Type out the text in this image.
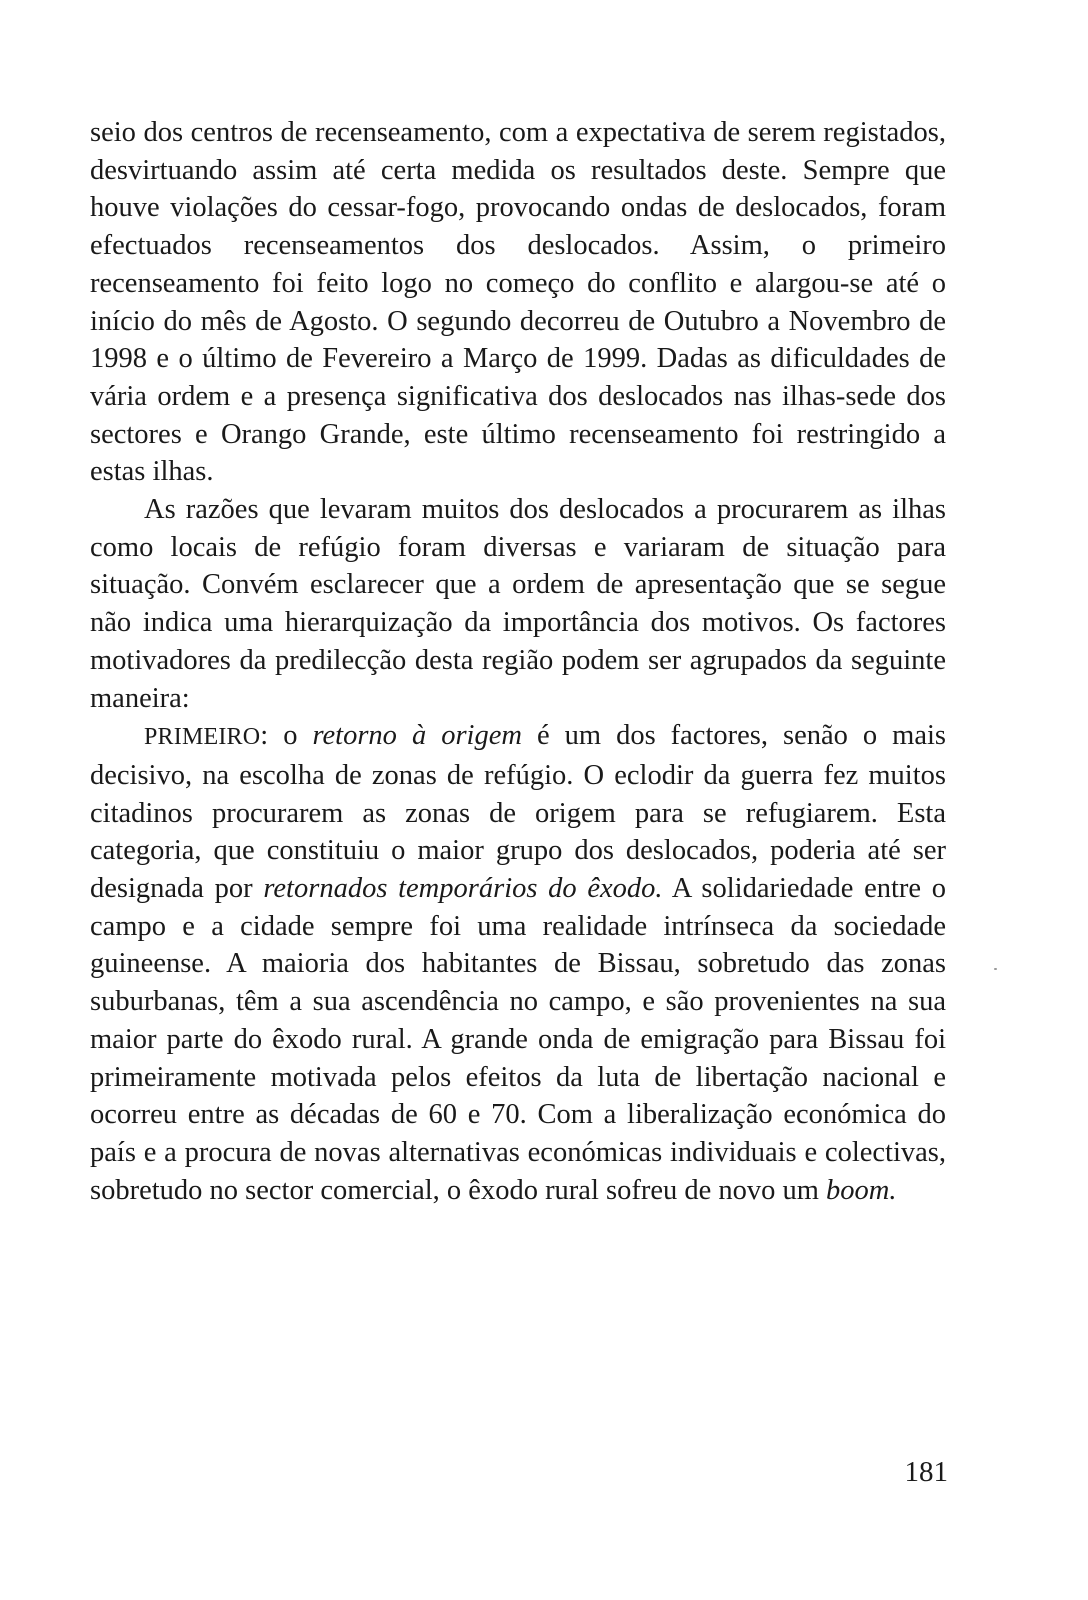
seio dos centros de recenseamento, com a expectativa de serem registados, desvirtuando assim até certa medida os resultados deste. Sempre que houve violações do cessar-fogo, provocando ondas de deslocados, foram efectuados recenseamentos dos deslocados. Assim, o primeiro recenseamento foi feito logo no começo do conflito e alargou-se até o início do mês de Agosto. O segundo decorreu de Outubro a Novembro de 1998 e o último de Fevereiro a Março de 1999. Dadas as dificuldades de vária ordem e a presença significativa dos deslocados nas ilhas-sede dos sectores e Orango Grande, este último recenseamento foi restringido a estas ilhas.

As razões que levaram muitos dos deslocados a procurarem as ilhas como locais de refúgio foram diversas e variaram de situação para situação. Convém esclarecer que a ordem de apresentação que se segue não indica uma hierarquização da importância dos motivos. Os factores motivadores da predilecção desta região podem ser agrupados da seguinte maneira:

PRIMEIRO: o retorno à origem é um dos factores, senão o mais decisivo, na escolha de zonas de refúgio. O eclodir da guerra fez muitos citadinos procurarem as zonas de origem para se refugiarem. Esta categoria, que constituiu o maior grupo dos deslocados, poderia até ser designada por retornados temporários do êxodo. A solidariedade entre o campo e a cidade sempre foi uma realidade intrínseca da sociedade guineense. A maioria dos habitantes de Bissau, sobretudo das zonas suburbanas, têm a sua ascendência no campo, e são provenientes na sua maior parte do êxodo rural. A grande onda de emigração para Bissau foi primeiramente motivada pelos efeitos da luta de libertação nacional e ocorreu entre as décadas de 60 e 70. Com a liberalização económica do país e a procura de novas alternativas económicas individuais e colectivas, sobretudo no sector comercial, o êxodo rural sofreu de novo um boom.

181
